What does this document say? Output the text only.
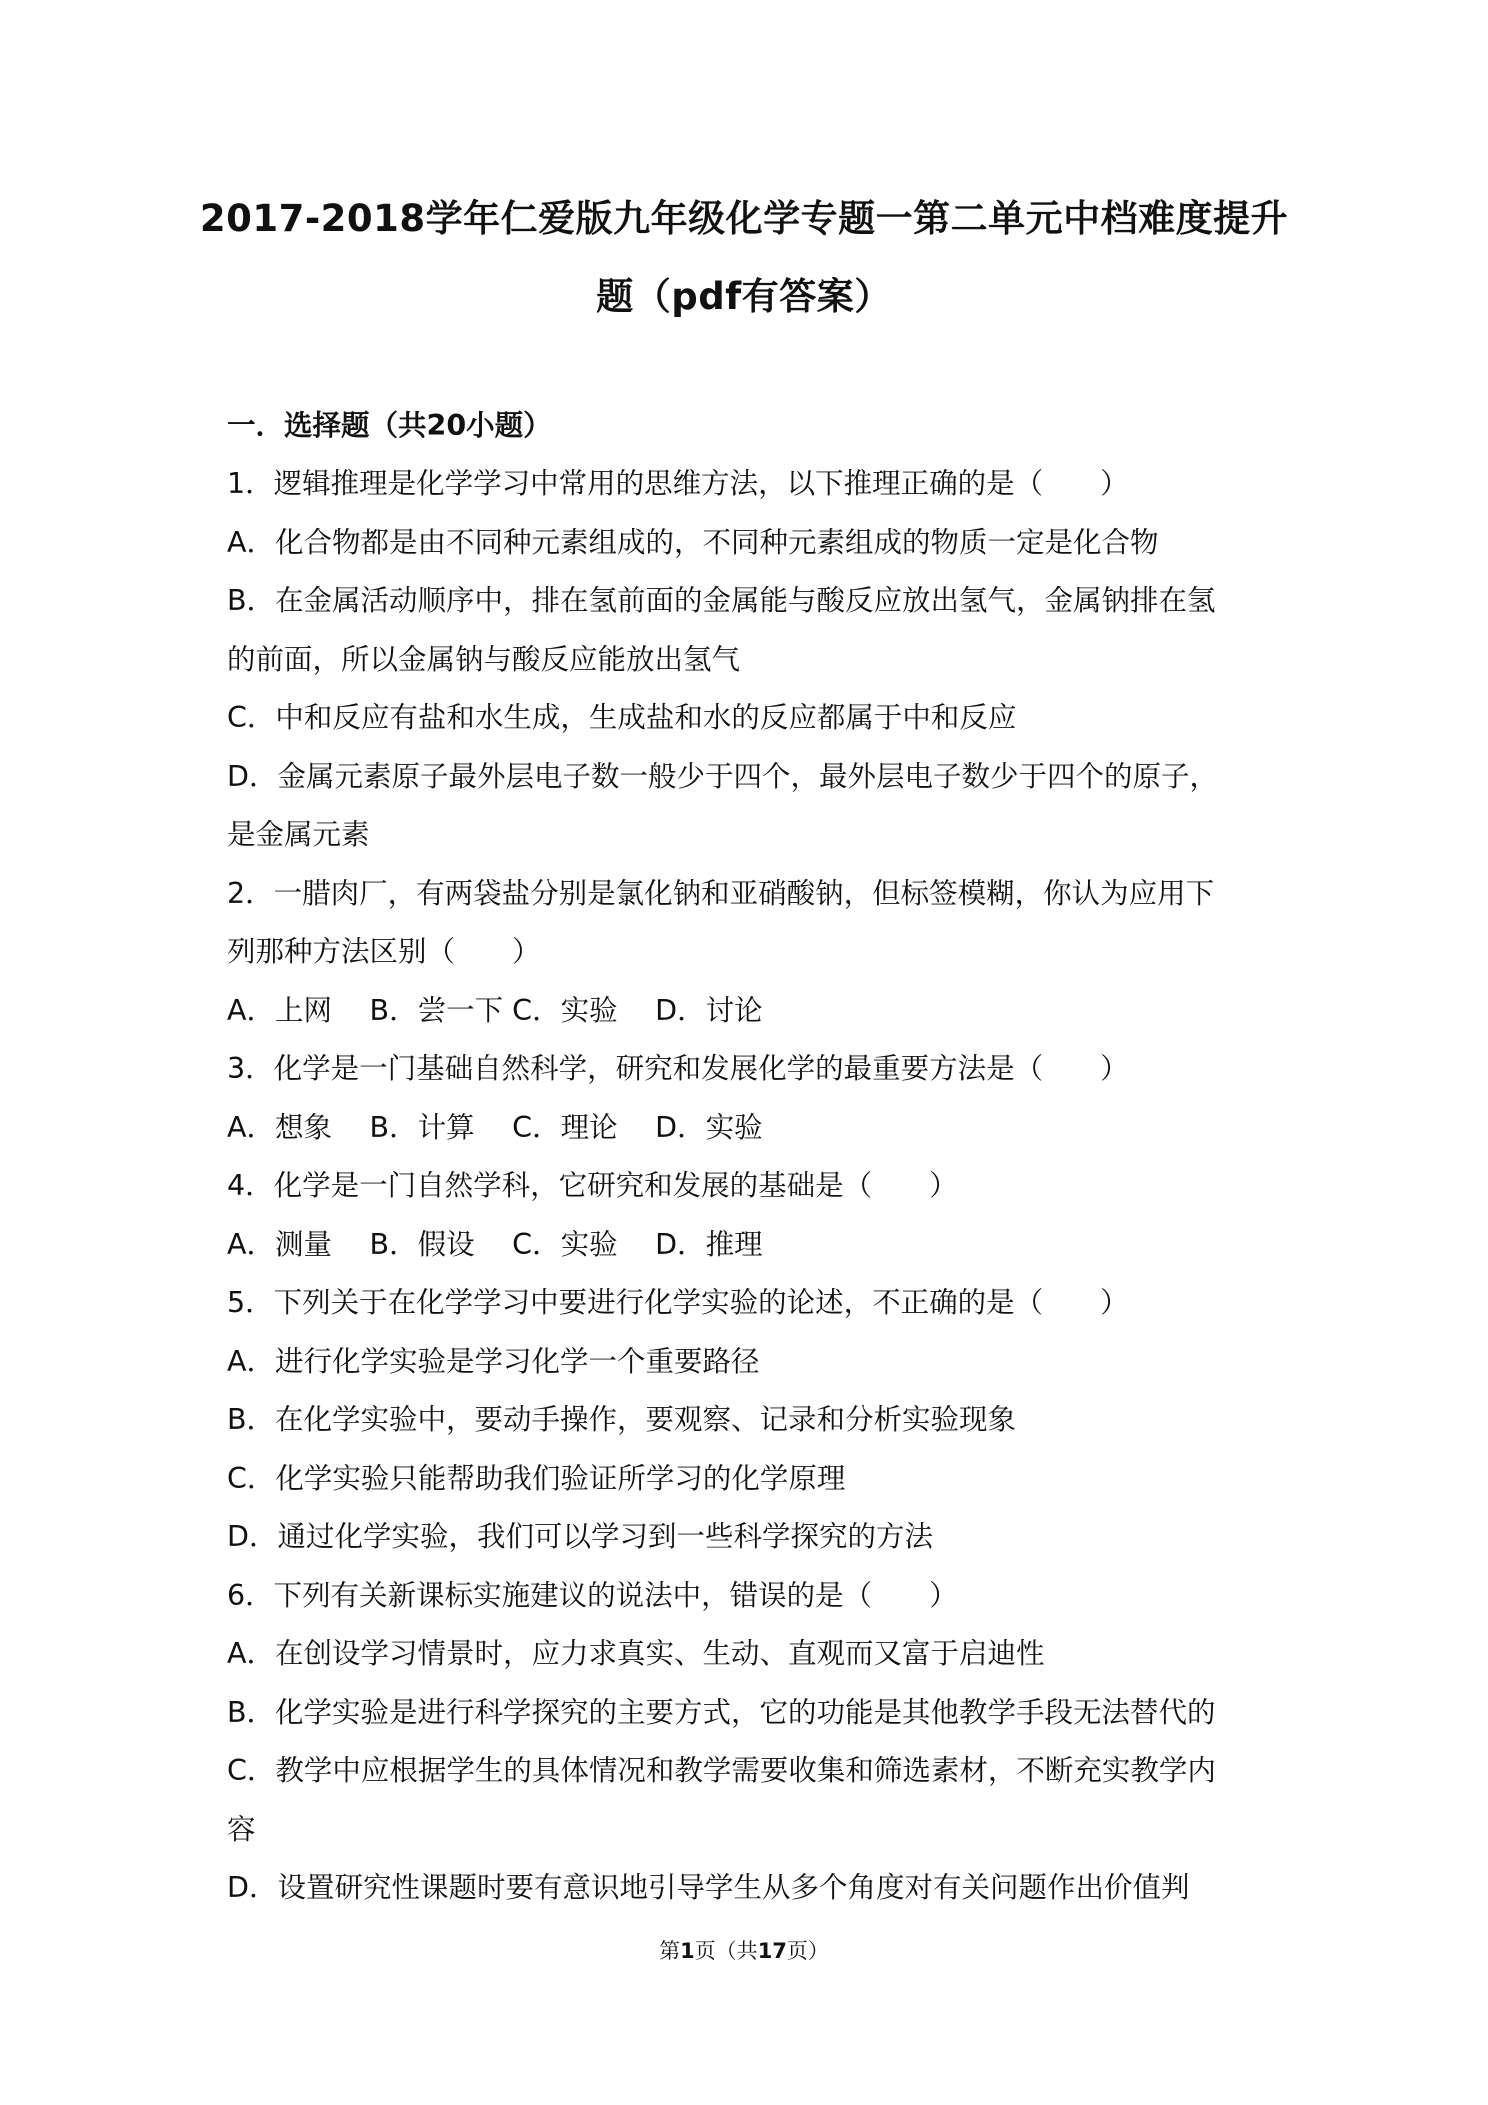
2017-2018学年仁爱版九年级化学专题一第二单元中档难度提升
题（pdf有答案）
一．选择题（共20小题）
1．逻辑推理是化学学习中常用的思维方法，以下推理正确的是（　　）
A．化合物都是由不同种元素组成的，不同种元素组成的物质一定是化合物
B．在金属活动顺序中，排在氢前面的金属能与酸反应放出氢气，金属钠排在氢
的前面，所以金属钠与酸反应能放出氢气
C．中和反应有盐和水生成，生成盐和水的反应都属于中和反应
D．金属元素原子最外层电子数一般少于四个，最外层电子数少于四个的原子，
是金属元素
2．一腊肉厂，有两袋盐分别是氯化钠和亚硝酸钠，但标签模糊，你认为应用下
列那种方法区别（　　）
A．上网　 B．尝一下 C．实验　 D．讨论
3．化学是一门基础自然科学，研究和发展化学的最重要方法是（　　）
A．想象　 B．计算　 C．理论　 D．实验
4．化学是一门自然学科，它研究和发展的基础是（　　）
A．测量　 B．假设　 C．实验　 D．推理
5．下列关于在化学学习中要进行化学实验的论述，不正确的是（　　）
A．进行化学实验是学习化学一个重要路径
B．在化学实验中，要动手操作，要观察、记录和分析实验现象
C．化学实验只能帮助我们验证所学习的化学原理
D．通过化学实验，我们可以学习到一些科学探究的方法
6．下列有关新课标实施建议的说法中，错误的是（　　）
A．在创设学习情景时，应力求真实、生动、直观而又富于启迪性
B．化学实验是进行科学探究的主要方式，它的功能是其他教学手段无法替代的
C．教学中应根据学生的具体情况和教学需要收集和筛选素材，不断充实教学内
容
D．设置研究性课题时要有意识地引导学生从多个角度对有关问题作出价值判
第1页（共17页）
